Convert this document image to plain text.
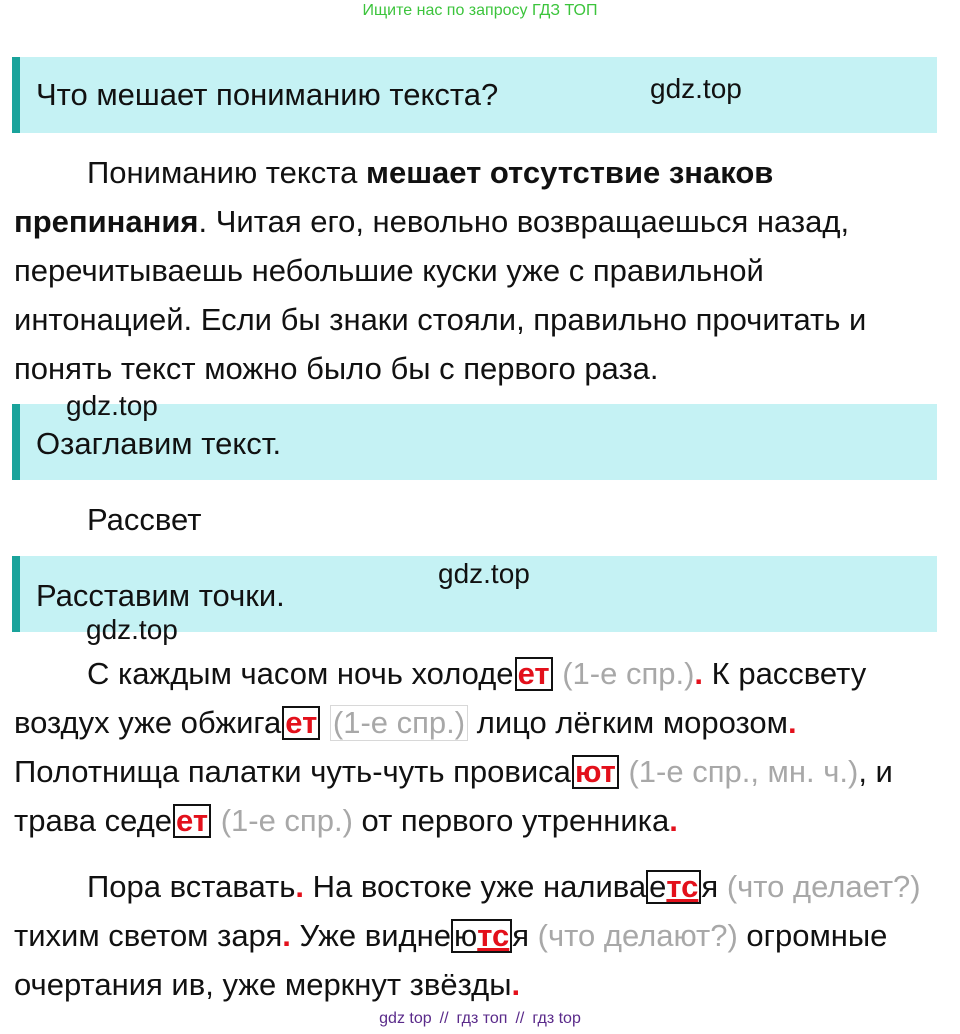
Ищите нас по запросу ГДЗ ТОП
Что мешает пониманию текста?	gdz.top
Пониманию текста мешает отсутствие знаков препинания. Читая его, невольно возвращаешься назад, перечитываешь небольшие куски уже с правильной интонацией. Если бы знаки стояли, правильно прочитать и понять текст можно было бы с первого раза.
Озаглавим текст.
gdz.top
Рассвет
Расставим точки.
gdz.top
gdz.top
С каждым часом ночь холоде ет (1-е спр.). К рассвету воздух уже обжига ет (1-е спр.) лицо лёгким морозом. Полотнища палатки чуть-чуть провиса ют (1-е спр., мн. ч.), и трава седе ет (1-е спр.) от первого утренника.
Пора вставать. На востоке уже наливается (что делает?) тихим светом заря. Уже виднеются (что делают?) огромные очертания ив, уже меркнут звёзды.
gdz top // гдз топ // гдз top
